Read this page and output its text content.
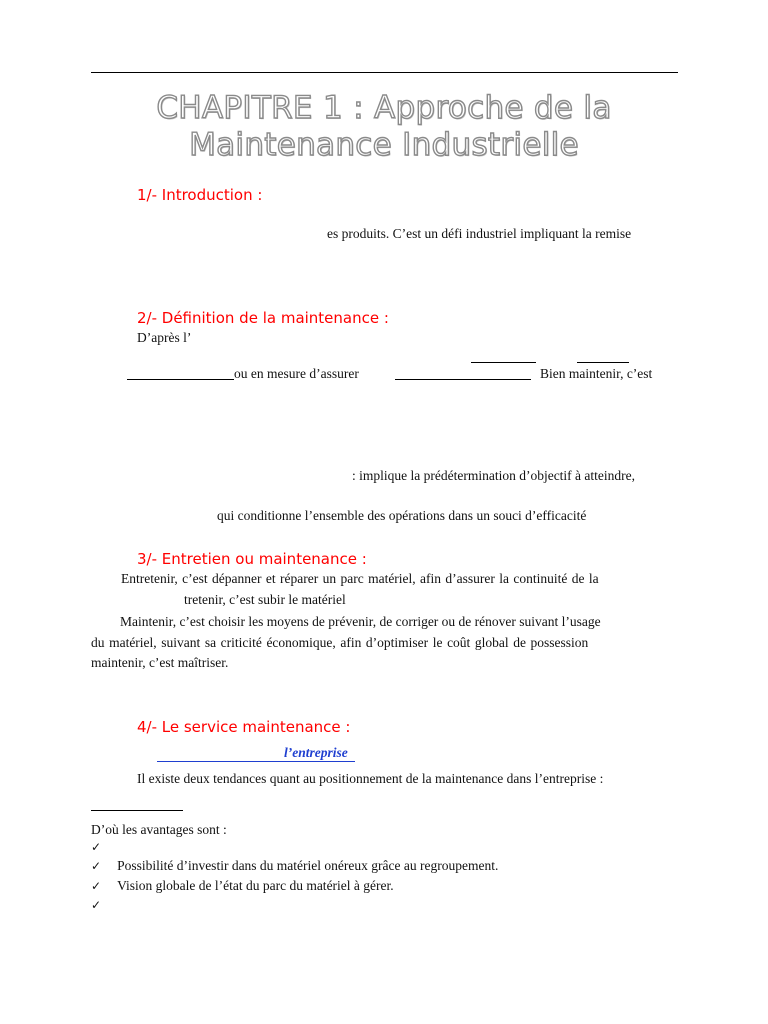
CHAPITRE 1 : Approche de la
Maintenance Industrielle
1/- Introduction :
es produits. C’est un défi industriel impliquant la remise
2/- Définition de la maintenance :
D’après l’
ou en mesure d’assurer	Bien maintenir, c’est
: implique la prédétermination d’objectif à atteindre,
qui conditionne l’ensemble des opérations dans un souci d’efficacité
3/- Entretien ou maintenance :
Entretenir, c’est dépanner et réparer un parc matériel, afin d’assurer la continuité de la
tretenir, c’est subir le matériel
Maintenir, c’est choisir les moyens de prévenir, de corriger ou de rénover suivant l’usage
du matériel, suivant sa criticité économique, afin d’optimiser le coût global de possession
maintenir, c’est maîtriser.
4/- Le service maintenance :
l’entreprise
Il existe deux tendances quant au positionnement de la maintenance dans l’entreprise :
D’où les avantages sont :
✓
✓ Possibilité d’investir dans du matériel onéreux grâce au regroupement.
✓ Vision globale de l’état du parc du matériel à gérer.
✓
